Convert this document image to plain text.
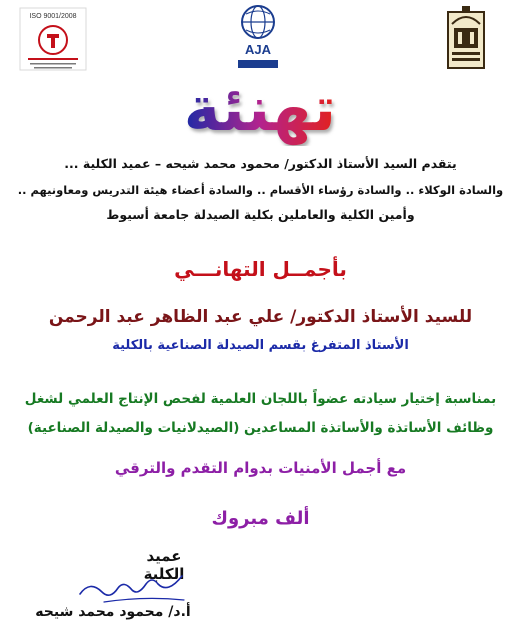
ISO 9001/2008
AJA
تهنئة
يتقدم السيد الأستاذ الدكتور/ محمود محمد شيحه – عميد الكلية ...
والسادة الوكلاء .. والسادة رؤساء الأقسام .. والسادة أعضاء هيئة التدريس ومعاونيهم ..
وأمين الكلية والعاملين بكلية الصيدلة جامعة أسيوط
بأجمــل التهانـــي
للسيد الأستاذ الدكتور/ علي عبد الظاهر عبد الرحمن
الأستاذ المتفرغ بقسم الصيدلة الصناعية بالكلية
بمناسبة إختيار سيادته عضواً باللجان العلمية لفحص الإنتاج العلمي لشغل
وظائف الأساتذة والأساتذة المساعدين (الصيدلانيات والصيدلة الصناعية)
مع أجمل الأمنيات بدوام التقدم والترقي
ألف مبروك
عميد الكلية
أ.د/ محمود محمد شيحه
